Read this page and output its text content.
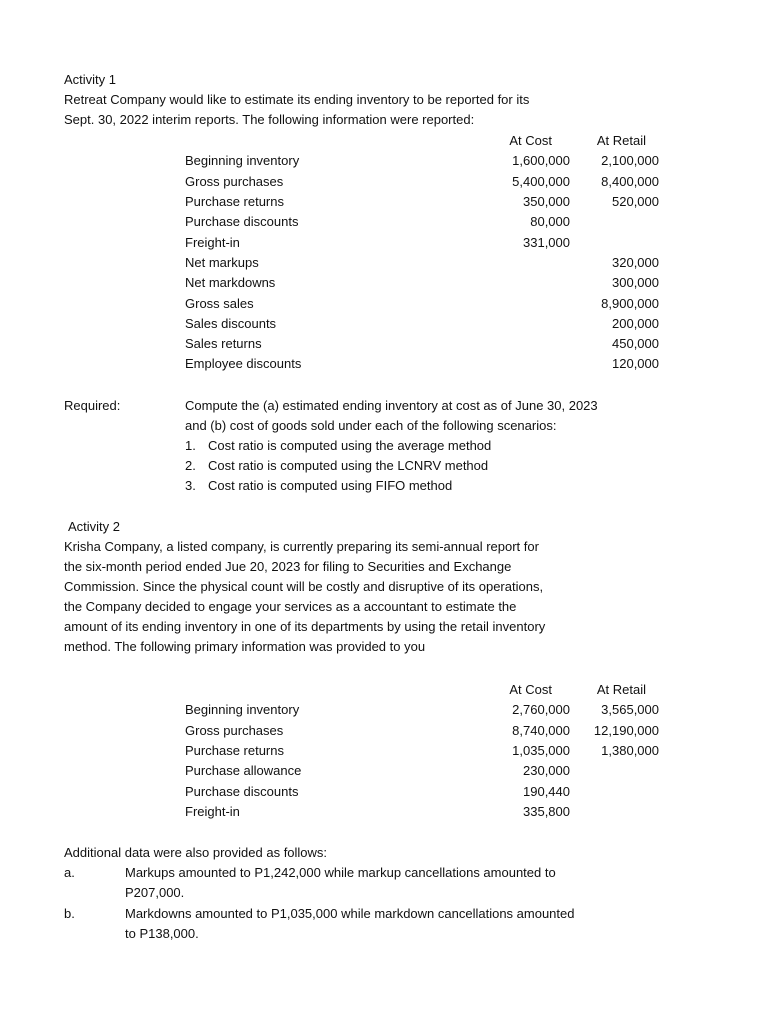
Activity 1
Retreat Company would like to estimate its ending inventory to be reported for its
Sept. 30, 2022 interim reports. The following information were reported:
	At Cost	At Retail
Beginning inventory	1,600,000	2,100,000
Gross purchases	5,400,000	8,400,000
Purchase returns	350,000	520,000
Purchase discounts	80,000	
Freight-in	331,000	
Net markups		320,000
Net markdowns		300,000
Gross sales		8,900,000
Sales discounts		200,000
Sales returns		450,000
Employee discounts		120,000
Required:	Compute the (a) estimated ending inventory at cost as of June 30, 2023
and (b) cost of goods sold under each of the following scenarios:
1. Cost ratio is computed using the average method
2. Cost ratio is computed using the LCNRV method
3. Cost ratio is computed using FIFO method
Activity 2
Krisha Company, a listed company, is currently preparing its semi-annual report for
the six-month period ended Jue 20, 2023 for filing to Securities and Exchange
Commission. Since the physical count will be costly and disruptive of its operations,
the Company decided to engage your services as a accountant to estimate the
amount of its ending inventory in one of its departments by using the retail inventory
method. The following primary information was provided to you
	At Cost	At Retail
Beginning inventory	2,760,000	3,565,000
Gross purchases	8,740,000	12,190,000
Purchase returns	1,035,000	1,380,000
Purchase allowance	230,000	
Purchase discounts	190,440	
Freight-in	335,800	
Additional data were also provided as follows:
a.	Markups amounted to P1,242,000 while markup cancellations amounted to
P207,000.
b.	Markdowns amounted to P1,035,000 while markdown cancellations amounted
to P138,000.
